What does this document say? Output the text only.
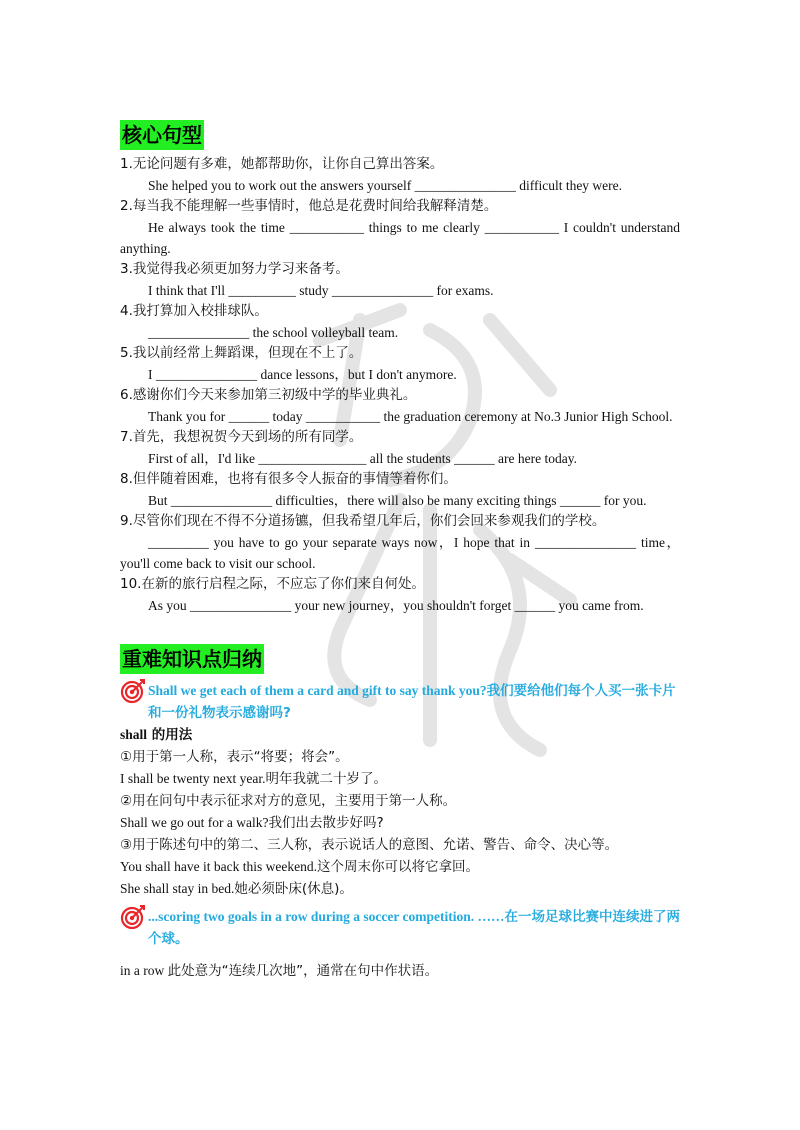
核心句型
1.无论问题有多难，她都帮助你，让你自己算出答案。
She helped you to work out the answers yourself _______________ difficult they were.
2.每当我不能理解一些事情时，他总是花费时间给我解释清楚。
He always took the time ___________ things to me clearly ___________ I couldn't understand anything.
3.我觉得我必须更加努力学习来备考。
I think that I'll __________ study _______________ for exams.
4.我打算加入校排球队。
_______________ the school volleyball team.
5.我以前经常上舞蹈课，但现在不上了。
I _______________ dance lessons，but I don't anymore.
6.感谢你们今天来参加第三初级中学的毕业典礼。
Thank you for ______ today ___________ the graduation ceremony at No.3 Junior High School.
7.首先，我想祝贺今天到场的所有同学。
First of all，I'd like ________________ all the students ______ are here today.
8.但伴随着困难，也将有很多令人振奋的事情等着你们。
But _______________ difficulties，there will also be many exciting things ______ for you.
9.尽管你们现在不得不分道扬镳，但我希望几年后，你们会回来参观我们的学校。
_________ you have to go your separate ways now，I hope that in _______________ time，you'll come back to visit our school.
10.在新的旅行启程之际，不应忘了你们来自何处。
As you _______________ your new journey，you shouldn't forget ______ you came from.
重难知识点归纳
Shall we get each of them a card and gift to say thank you?我们要给他们每个人买一张卡片和一份礼物表示感谢吗?
shall 的用法
①用于第一人称，表示“将要；将会”。
I shall be twenty next year.明年我就二十岁了。
②用在问句中表示征求对方的意见，主要用于第一人称。
Shall we go out for a walk?我们出去散步好吗?
③用于陈述句中的第二、三人称，表示说话人的意图、允诺、警告、命令、决心等。
You shall have it back this weekend.这个周末你可以将它拿回。
She shall stay in bed.她必须卧床(休息)。
...scoring two goals in a row during a soccer competition. ……在一场足球比赛中连续进了两个球。
in a row 此处意为“连续几次地”，通常在句中作状语。
